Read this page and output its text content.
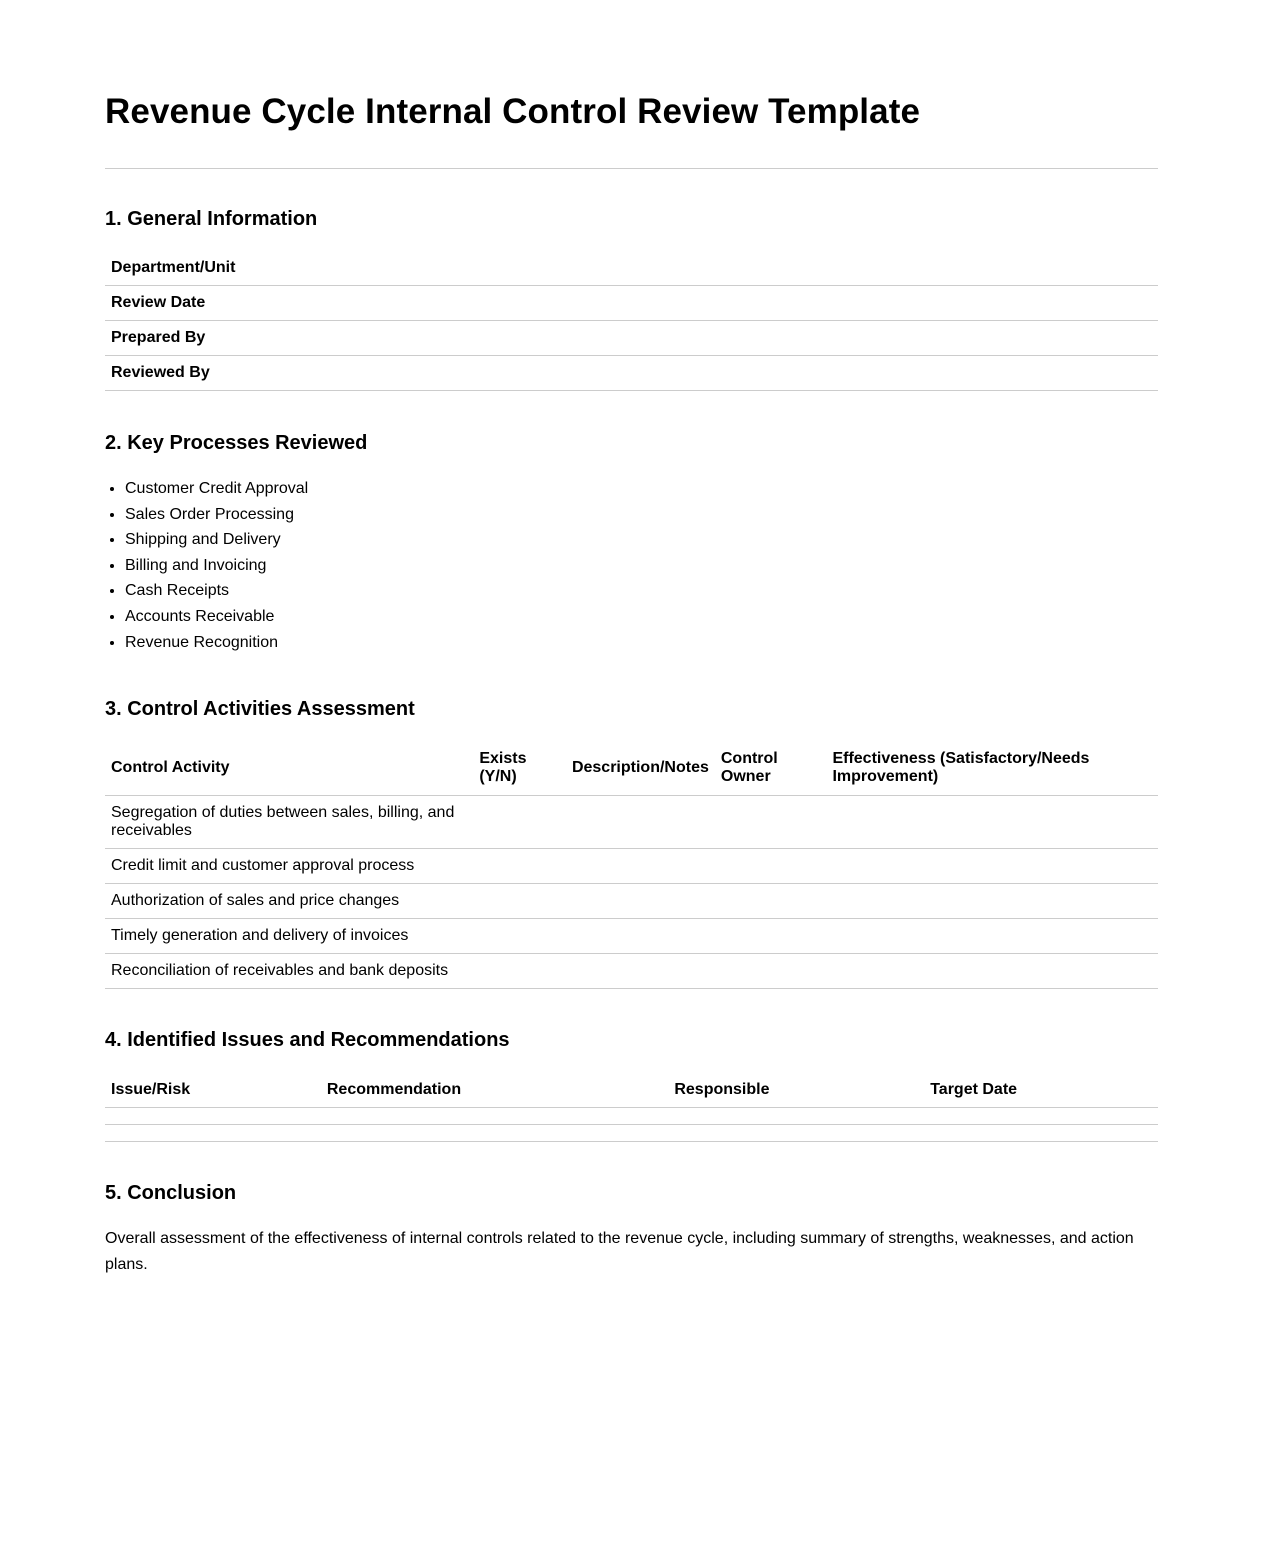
Revenue Cycle Internal Control Review Template
1. General Information
Department/Unit	
Review Date	
Prepared By	
Reviewed By	
2. Key Processes Reviewed
• Customer Credit Approval
• Sales Order Processing
• Shipping and Delivery
• Billing and Invoicing
• Cash Receipts
• Accounts Receivable
• Revenue Recognition
3. Control Activities Assessment
Control Activity	Exists (Y/N)	Description/Notes	Control Owner	Effectiveness (Satisfactory/Needs Improvement)
Segregation of duties between sales, billing, and receivables				
Credit limit and customer approval process				
Authorization of sales and price changes				
Timely generation and delivery of invoices				
Reconciliation of receivables and bank deposits				
4. Identified Issues and Recommendations
Issue/Risk	Recommendation	Responsible	Target Date

5. Conclusion

Overall assessment of the effectiveness of internal controls related to the revenue cycle, including summary of strengths, weaknesses, and action plans.
